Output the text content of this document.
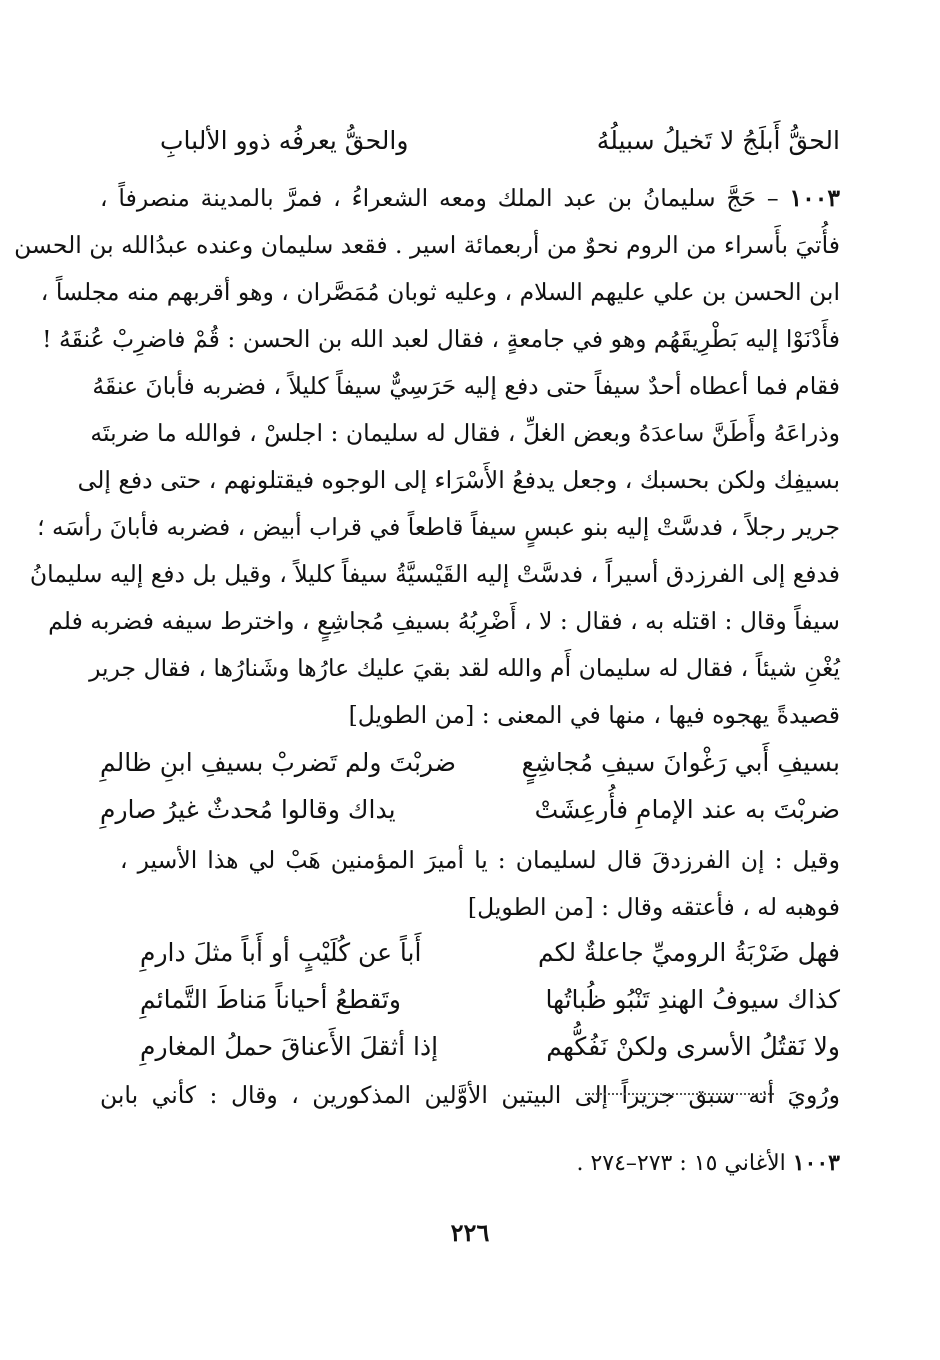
الحقُّ أَبلَجُ لا تَخيلُ سبيلُهُ
والحقُّ يعرفُه ذوو الألبابِ
١٠٠٣ – حَجَّ سليمانُ بن عبد الملك ومعه الشعراءُ ، فمرَّ بالمدينة منصرفاً ،
فأُتيَ بأَسراء من الروم نحوٌ من أربعمائة اسير . فقعد سليمان وعنده عبدُالله بن الحسن
ابن الحسن بن علي عليهم السلام ، وعليه ثوبان مُمَصَّران ، وهو أقربهم منه مجلساً ،
فأَدْنَوْا إليه بَطْرِيقَهُم وهو في جامعةٍ ، فقال لعبد الله بن الحسن : قُمْ فاضرِبْ عُنقَهُ !
فقام فما أعطاه أحدٌ سيفاً حتى دفع إليه حَرَسِيٌّ سيفاً كليلاً ، فضربه فأبانَ عنقَهُ
وذراعَهُ وأَطَنَّ ساعدَهُ وبعض الغلِّ ، فقال له سليمان : اجلسْ ، فوالله ما ضربتَه
بسيفِك ولكن بحسبك ، وجعل يدفعُ الأَسْرَاء إلى الوجوه فيقتلونهم ، حتى دفع إلى
جرير رجلاً ، فدسَّتْ إليه بنو عبسٍ سيفاً قاطعاً في قراب أبيض ، فضربه فأبانَ رأسَه ؛
فدفع إلى الفرزدق أسيراً ، فدسَّتْ إليه القَيْسيَّةُ سيفاً كليلاً ، وقيل بل دفع إليه سليمانُ
سيفاً وقال : اقتله به ، فقال : لا ، أَضْرِبُهُ بسيفِ مُجاشِعٍ ، واخترط سيفه فضربه فلم
يُغْنِ شيئاً ، فقال له سليمان أَم والله لقد بقيَ عليك عارُها وشَنارُها ، فقال جرير
قصيدةً يهجوه فيها ، منها في المعنى : [من الطويل]
بسيفِ أَبي رَغْوانَ سيفِ مُجاشِعٍ
ضربْتَ ولم تَضربْ بسيفِ ابنِ ظالمِ
ضربْتَ به عند الإمامِ فأُرعِشَتْ
يداك وقالوا مُحدثٌ غيرُ صارمِ
وقيل : إن الفرزدقَ قال لسليمان : يا أميرَ المؤمنين هَبْ لي هذا الأسير ،
فوهبه له ، فأعتقه وقال : [من الطويل]
فهل ضَرْبَةُ الروميِّ جاعلةٌ لكم
أَباً عن كُلَيْبٍ أو أَباً مثلَ دارمِ
كذاك سيوفُ الهندِ تَنْبُو ظُباتُها
وتَقطعُ أحياناً مَناطَ التَّمائمِ
ولا نَقتُلُ الأسرى ولكنْ نَفُكُّهم
إذا أثقلَ الأَعناقَ حملُ المغارمِ
ورُويَ أنه سبق جريراً إلى البيتين الأوَّلين المذكورين ، وقال : كأني بابن
١٠٠٣ الأغاني ١٥ : ٢٧٣–٢٧٤ .
٢٢٦
